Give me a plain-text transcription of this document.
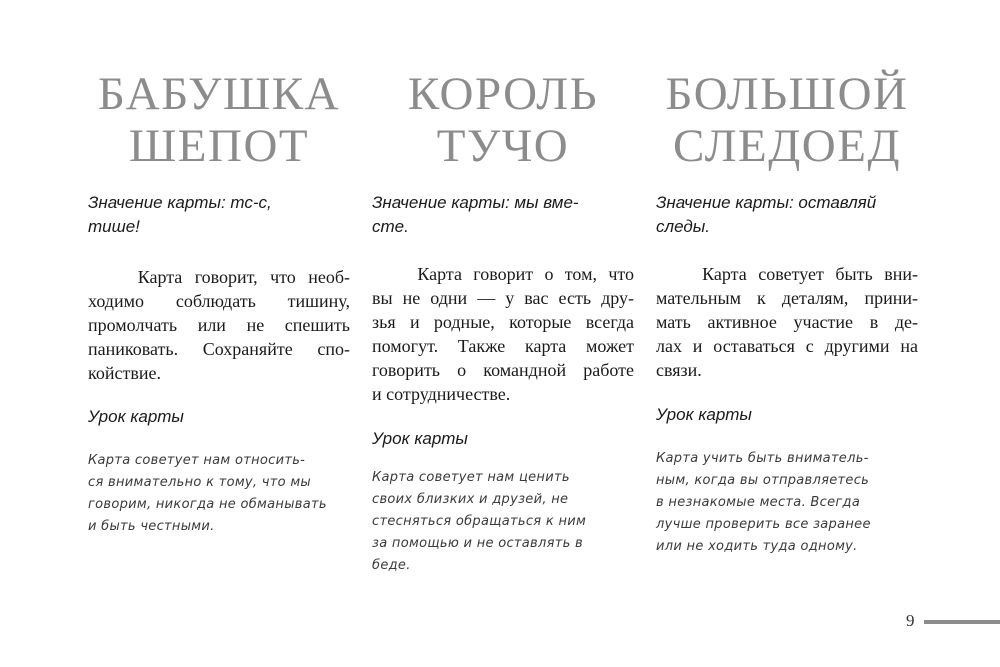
БАБУШКА
ШЕПОТ

Значение карты: тс-с,
тише!

Карта говорит, что необ-
ходимо соблюдать тишину,
промолчать или не спешить
паниковать. Сохраняйте спо-
койствие.

Урок карты

Карта советует нам относить-
ся внимательно к тому, что мы
говорим, никогда не обманывать
и быть честными.

КОРОЛЬ
ТУЧО

Значение карты: мы вме-
сте.

Карта говорит о том, что
вы не одни — у вас есть дру-
зья и родные, которые всегда
помогут. Также карта может
говорить о командной работе
и сотрудничестве.

Урок карты

Карта советует нам ценить
своих близких и друзей, не
стесняться обращаться к ним
за помощью и не оставлять в
беде.

БОЛЬШОЙ
СЛЕДОЕД

Значение карты: оставляй
следы.

Карта советует быть вни-
мательным к деталям, прини-
мать активное участие в де-
лах и оставаться с другими на
связи.

Урок карты

Карта учить быть вниматель-
ным, когда вы отправляетесь
в незнакомые места. Всегда
лучше проверить все заранее
или не ходить туда одному.

9
